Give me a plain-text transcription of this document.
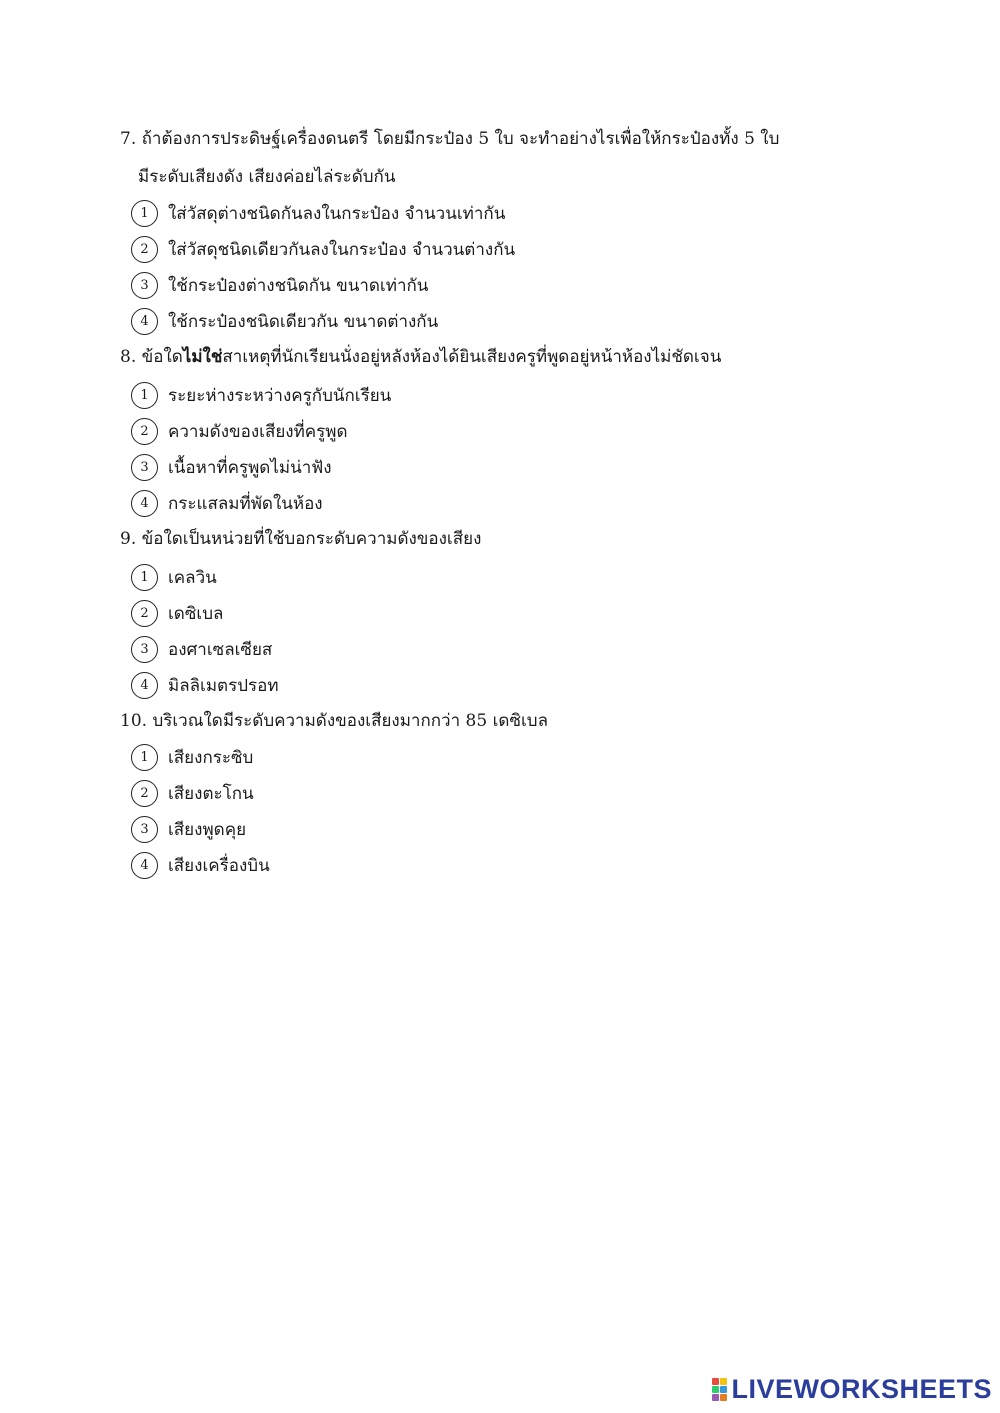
7. ถ้าต้องการประดิษฐ์เครื่องดนตรี โดยมีกระป๋อง 5 ใบ จะทำอย่างไรเพื่อให้กระป๋องทั้ง 5 ใบ
มีระดับเสียงดัง เสียงค่อยไล่ระดับกัน
1	ใส่วัสดุต่างชนิดกันลงในกระป๋อง จำนวนเท่ากัน
2	ใส่วัสดุชนิดเดียวกันลงในกระป๋อง จำนวนต่างกัน
3	ใช้กระป๋องต่างชนิดกัน ขนาดเท่ากัน
4	ใช้กระป๋องชนิดเดียวกัน ขนาดต่างกัน
8. ข้อใดไม่ใช่สาเหตุที่นักเรียนนั่งอยู่หลังห้องได้ยินเสียงครูที่พูดอยู่หน้าห้องไม่ชัดเจน
1	ระยะห่างระหว่างครูกับนักเรียน
2	ความดังของเสียงที่ครูพูด
3	เนื้อหาที่ครูพูดไม่น่าฟัง
4	กระแสลมที่พัดในห้อง
9. ข้อใดเป็นหน่วยที่ใช้บอกระดับความดังของเสียง
1	เคลวิน
2	เดซิเบล
3	องศาเซลเซียส
4	มิลลิเมตรปรอท
10. บริเวณใดมีระดับความดังของเสียงมากกว่า 85 เดซิเบล
1	เสียงกระซิบ
2	เสียงตะโกน
3	เสียงพูดคุย
4	เสียงเครื่องบิน
LIVEWORKSHEETS
